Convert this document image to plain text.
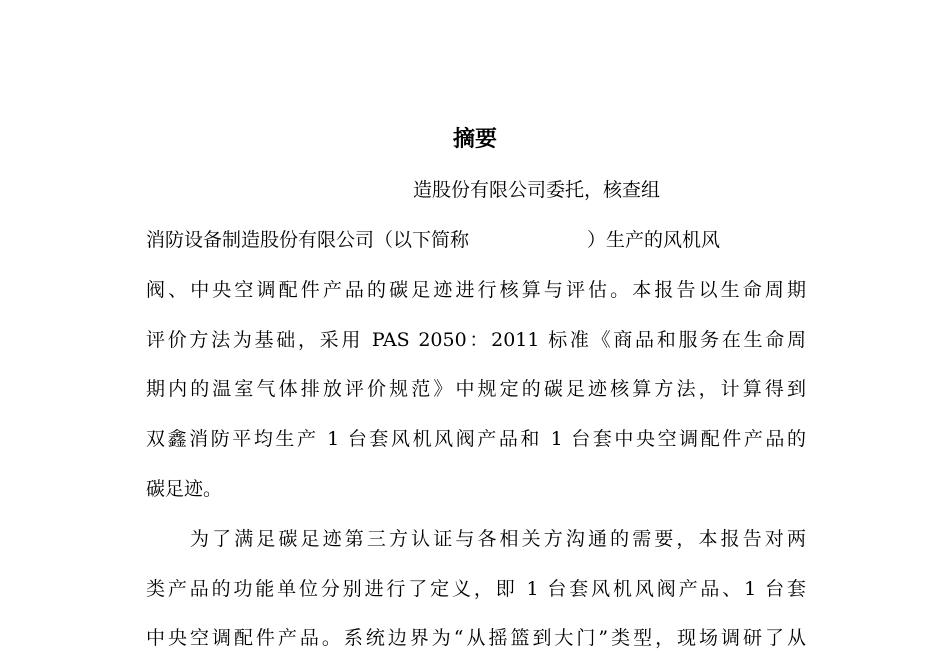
摘要
造股份有限公司委托，核查组
消防设备制造股份有限公司（以下简称	）生产的风机风
阀、中央空调配件产品的碳足迹进行核算与评估。本报告以生命周期
评价方法为基础，采用 PAS 2050：2011 标准《商品和服务在生命周
期内的温室气体排放评价规范》中规定的碳足迹核算方法，计算得到
双鑫消防平均生产 1 台套风机风阀产品和 1 台套中央空调配件产品的
碳足迹。
为了满足碳足迹第三方认证与各相关方沟通的需要，本报告对两
类产品的功能单位分别进行了定义，即 1 台套风机风阀产品、1 台套
中央空调配件产品。系统边界为“从摇篮到大门”类型，现场调研了从
